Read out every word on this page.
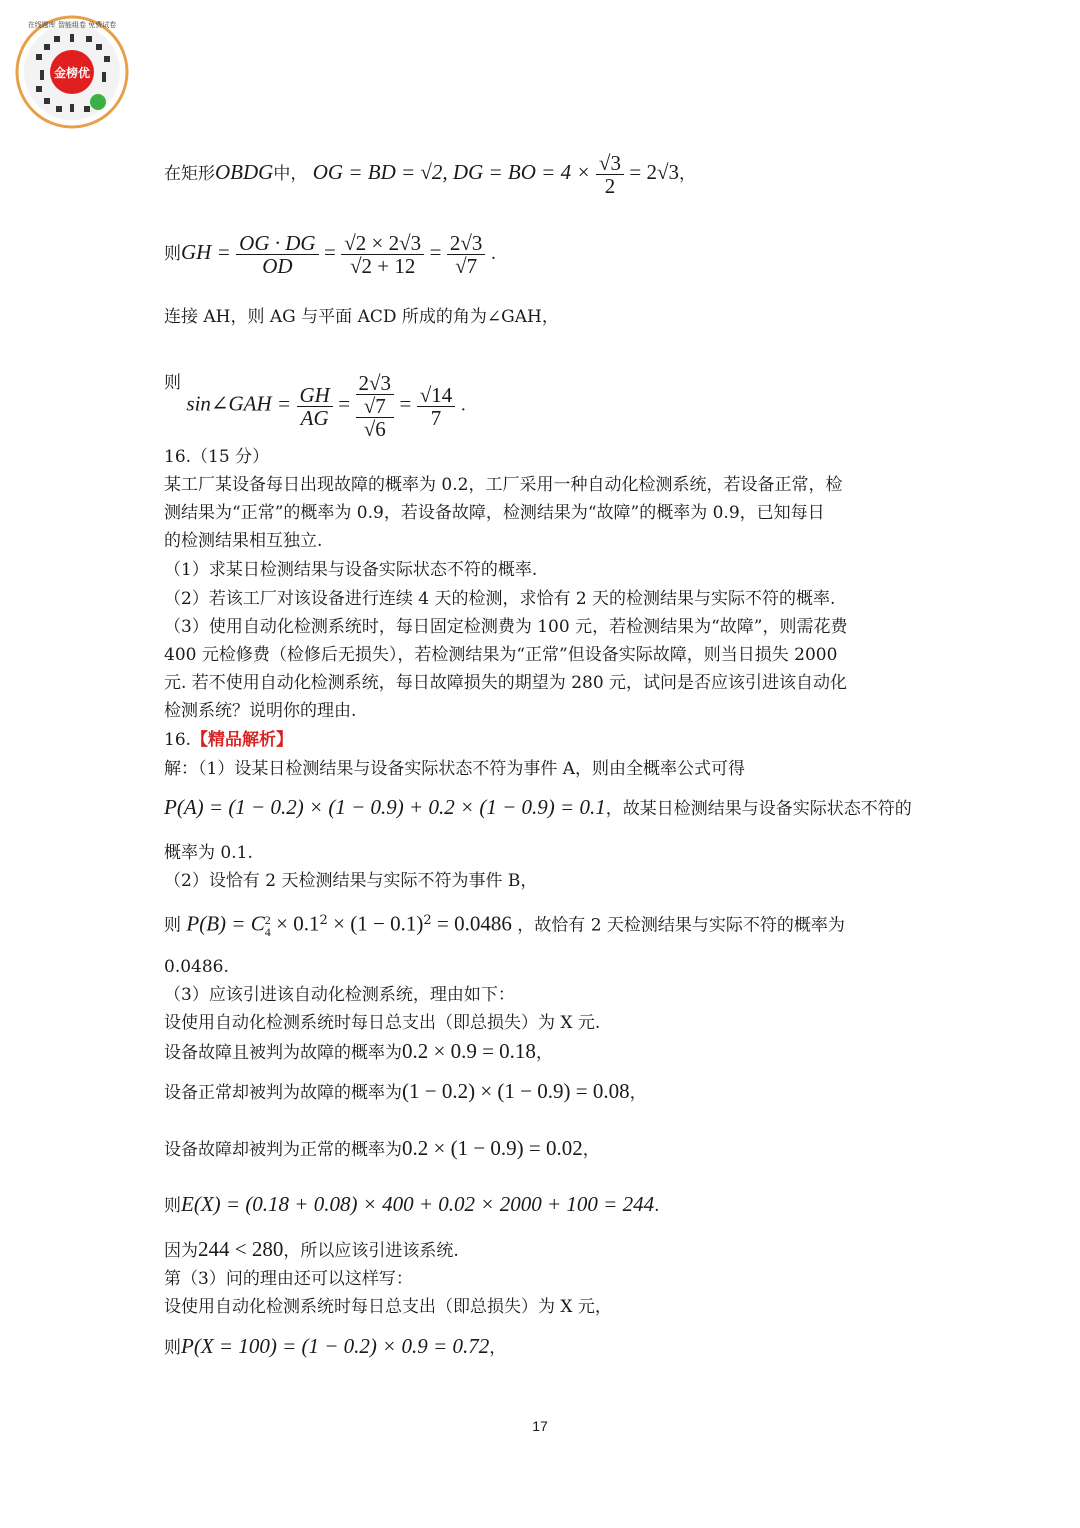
金榜优
在线题库 智能组卷 免费试卷
在矩形OBDG中， OG = BD = √2, DG = BO = $4 \times \frac{√3}{2} = 2√3$，
则GH = $\frac{OG \cdot DG}{OD} = \frac{√2 \times 2√3}{√2 + 12} = \frac{2√3}{√7}$ .
连接 AH，则 AG 与平面 ACD 所成的角为∠GAH，
则 sin∠GAH = $\frac{GH}{AG}$ =
2√3
√7
√6
= $\frac{√14}{7}$ .
16.（15 分）
某工厂某设备每日出现故障的概率为 0.2，工厂采用一种自动化检测系统，若设备正常，检
测结果为“正常”的概率为 0.9，若设备故障，检测结果为“故障”的概率为 0.9，已知每日
的检测结果相互独立.
（1）求某日检测结果与设备实际状态不符的概率.
（2）若该工厂对该设备进行连续 4 天的检测，求恰有 2 天的检测结果与实际不符的概率.
（3）使用自动化检测系统时，每日固定检测费为 100 元，若检测结果为“故障”，则需花费
400 元检修费（检修后无损失），若检测结果为“正常”但设备实际故障，则当日损失 2000
元. 若不使用自动化检测系统，每日故障损失的期望为 280 元，试问是否应该引进该自动化
检测系统？说明你的理由.
16.【精品解析】
解：（1）设某日检测结果与设备实际状态不符为事件 A，则由全概率公式可得
P(A) = (1 − 0.2) × (1 − 0.9) + 0.2 × (1 − 0.9) = 0.1，故某日检测结果与设备实际状态不符的
概率为 0.1.
（2）设恰有 2 天检测结果与实际不符为事件 B，
则 P(B) = C 2
$4 \times 0.1^2 \times (1 - 0.1)^2 = 0.0486$ ，故恰有 2 天检测结果与实际不符的概率为
0.0486.
（3）应该引进该自动化检测系统，理由如下：
设使用自动化检测系统时每日总支出（即总损失）为 X 元.
设备故障且被判为故障的概率为0.2 × 0.9 = 0.18，
设备正常却被判为故障的概率为(1 − 0.2) × (1 − 0.9) = 0.08，
设备故障却被判为正常的概率为0.2 × (1 − 0.9) = 0.02，
则E(X) = (0.18 + 0.08) × 400 + 0.02 × 2000 + 100 = 244.
因为244 < 280，所以应该引进该系统.
第（3）问的理由还可以这样写：
设使用自动化检测系统时每日总支出（即总损失）为 X 元，
则P(X = 100) = (1 − 0.2) × 0.9 = 0.72，
17
